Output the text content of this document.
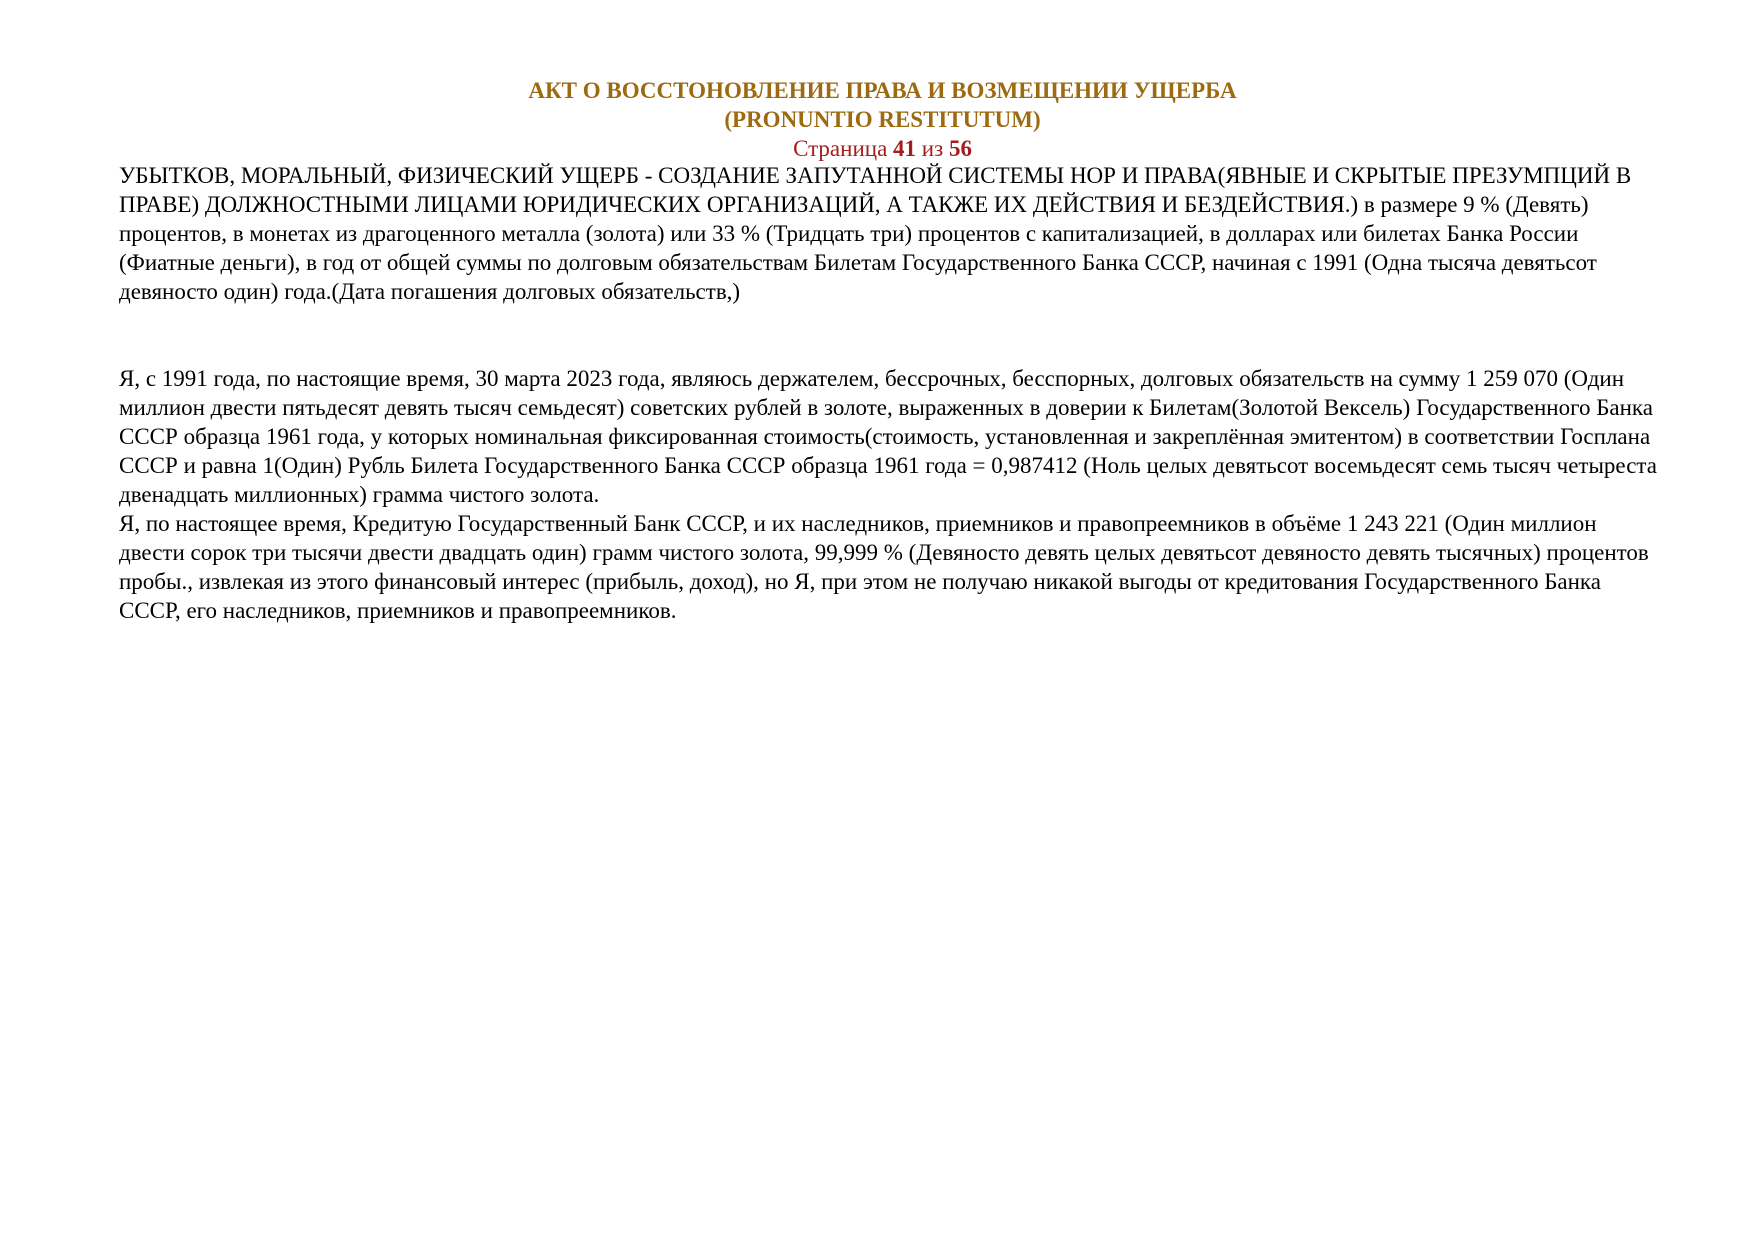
АКТ О ВОССТОНОВЛЕНИЕ ПРАВА И ВОЗМЕЩЕНИИ УЩЕРБА
(PRONUNTIO RESTITUTUM)
Страница 41 из 56

УБЫТКОВ, МОРАЛЬНЫЙ, ФИЗИЧЕСКИЙ УЩЕРБ - СОЗДАНИЕ ЗАПУТАННОЙ СИСТЕМЫ НОР И ПРАВА(ЯВНЫЕ И СКРЫТЫЕ ПРЕЗУМПЦИЙ В ПРАВЕ) ДОЛЖНОСТНЫМИ ЛИЦАМИ ЮРИДИЧЕСКИХ ОРГАНИЗАЦИЙ, А ТАКЖЕ ИХ ДЕЙСТВИЯ И БЕЗДЕЙСТВИЯ.) в размере 9 % (Девять) процентов, в монетах из драгоценного металла (золота) или 33 % (Тридцать три) процентов с капитализацией, в долларах или билетах Банка России (Фиатные деньги), в год от общей суммы по долговым обязательствам Билетам Государственного Банка СССР, начиная с 1991 (Одна тысяча девятьсот девяносто один) года.(Дата погашения долговых обязательств,)

Я, с 1991 года, по настоящие время, 30 марта 2023 года, являюсь держателем, бессрочных, бесспорных, долговых обязательств на сумму 1 259 070 (Один миллион двести пятьдесят девять тысяч семьдесят) советских рублей в золоте, выраженных в доверии к Билетам(Золотой Вексель) Государственного Банка СССР образца 1961 года, у которых номинальная фиксированная стоимость(стоимость, установленная и закреплённая эмитентом) в соответствии Госплана СССР и равна 1(Один) Рубль Билета Государственного Банка СССР образца 1961 года = 0,987412 (Ноль целых девятьсот восемьдесят семь тысяч четыреста двенадцать миллионных) грамма чистого золота.

Я, по настоящее время, Кредитую Государственный Банк СССР, и их наследников, приемников и правопреемников в объёме 1 243 221 (Один миллион двести сорок три тысячи двести двадцать один) грамм чистого золота, 99,999 % (Девяносто девять целых девятьсот девяносто девять тысячных) процентов пробы., извлекая из этого финансовый интерес (прибыль, доход), но Я, при этом не получаю никакой выгоды от кредитования Государственного Банка СССР, его наследников, приемников и правопреемников.
